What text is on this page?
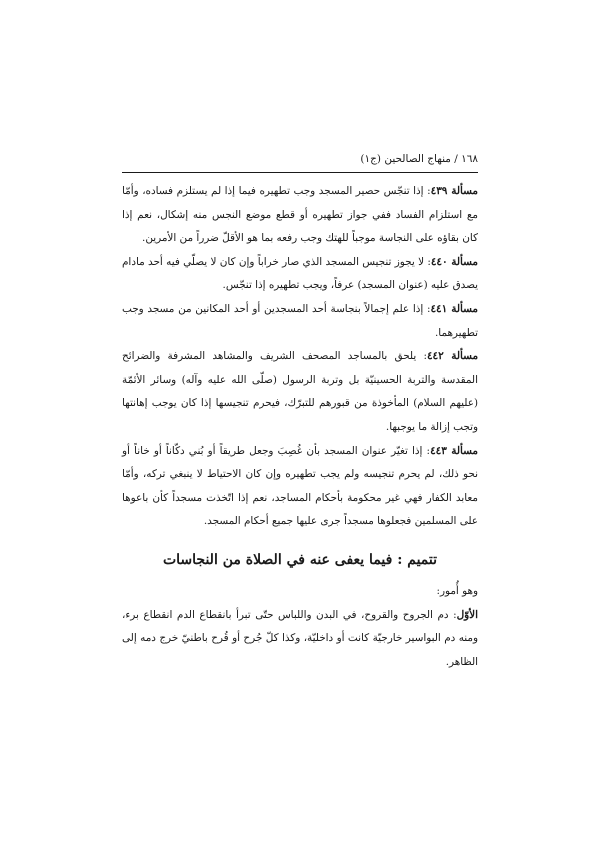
١٦٨ / منهاج الصالحين (ج١)

مسألة ٤٣٩: إذا تنجّس حصير المسجد وجب تطهيره فيما إذا لم يستلزم فساده، وأمّا مع استلزام الفساد ففي جواز تطهيره أو قطع موضع النجس منه إشكال، نعم إذا كان بقاؤه على النجاسة موجباً للهتك وجب رفعه بما هو الأقلّ ضرراً من الأمرين.

مسألة ٤٤٠: لا يجوز تنجيس المسجد الذي صار خراباً وإن كان لا يصلّي فيه أحد مادام يصدق عليه (عنوان المسجد) عرفاً، ويجب تطهيره إذا تنجّس.

مسألة ٤٤١: إذا علم إجمالاً بنجاسة أحد المسجدين أو أحد المكانين من مسجد وجب تطهيرهما.

مسألة ٤٤٢: يلحق بالمساجد المصحف الشريف والمشاهد المشرفة والضرائح المقدسة والتربة الحسينيّة بل وتربة الرسول (صلّى الله عليه وآله) وسائر الأئمّة (عليهم السلام) المأخوذة من قبورهم للتبرّك، فيحرم تنجيسها إذا كان يوجب إهانتها وتجب إزالة ما يوجبها.

مسألة ٤٤٣: إذا تغيّر عنوان المسجد بأن غُصِبَ وجعل طريقاً أو بُني دكّاناً أو خاناً أو نحو ذلك، لم يحرم تنجيسه ولم يجب تطهيره وإن كان الاحتياط لا ينبغي تركه، وأمّا معابد الكفار فهي غير محكومة بأحكام المساجد، نعم إذا اتّخذت مسجداً كأن باعوها على المسلمين فجعلوها مسجداً جرى عليها جميع أحكام المسجد.

تتميم : فيما يعفى عنه في الصلاة من النجاسات

وهو أُمور:

الأوّل: دم الجروح والقروح، في البدن واللباس حتّى تبرأ بانقطاع الدم انقطاع برء، ومنه دم البواسير خارجيّة كانت أو داخليّة، وكذا كلّ جُرح أو قُرح باطنيّ خرج دمه إلى الظاهر.
